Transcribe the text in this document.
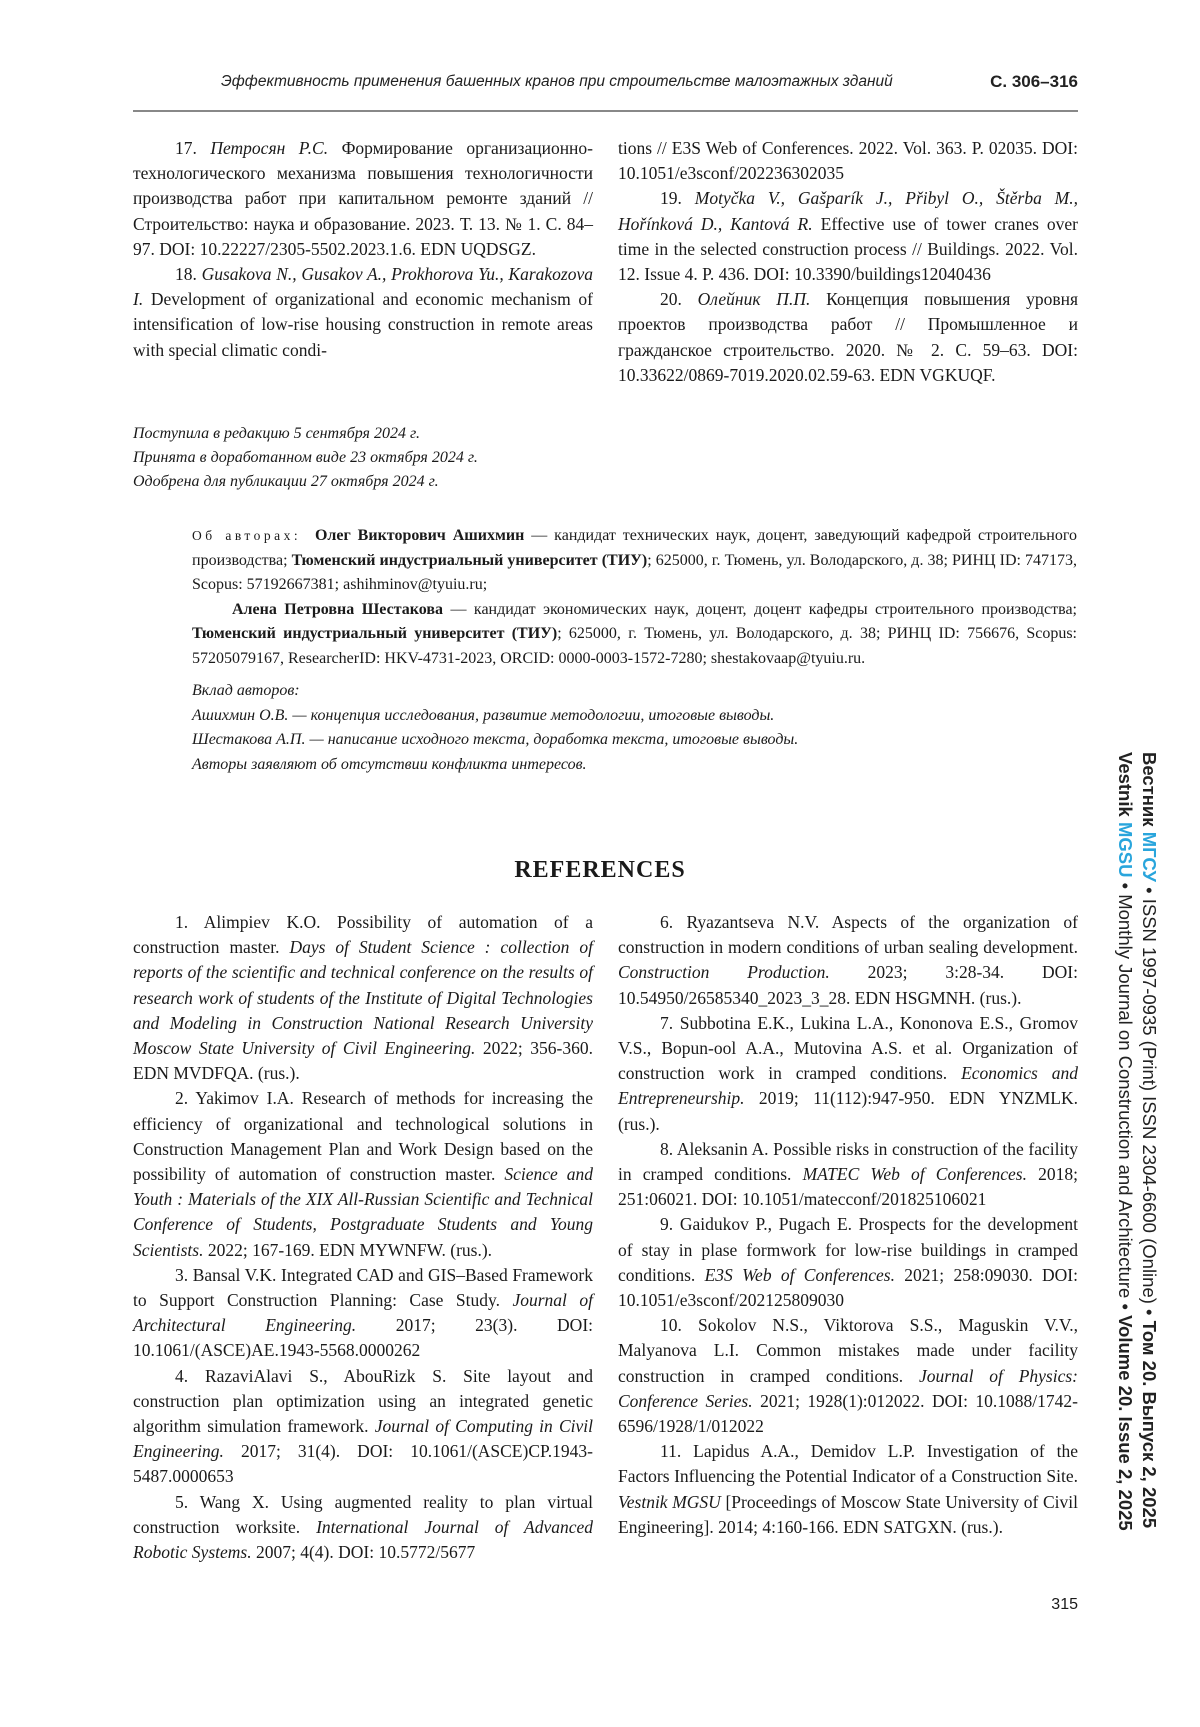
Эффективность применения башенных кранов при строительстве малоэтажных зданий	С. 306–316

17. Петросян Р.С. Формирование организационно-технологического механизма повышения технологичности производства работ при капитальном ремонте зданий // Строительство: наука и образование. 2023. Т. 13. № 1. С. 84–97. DOI: 10.22227/2305-5502.2023.1.6. EDN UQDSGZ.

18. Gusakova N., Gusakov A., Prokhorova Yu., Karakozova I. Development of organizational and economic mechanism of intensification of low-rise housing construction in remote areas with special climatic condi-

tions // E3S Web of Conferences. 2022. Vol. 363. P. 02035. DOI: 10.1051/e3sconf/202236302035

19. Motyčka V., Gašparík J., Přibyl O., Štěrba M., Hořínková D., Kantová R. Effective use of tower cranes over time in the selected construction process // Buildings. 2022. Vol. 12. Issue 4. P. 436. DOI: 10.3390/buildings12040436

20. Олейник П.П. Концепция повышения уровня проектов производства работ // Промышленное и гражданское строительство. 2020. № 2. С. 59–63. DOI: 10.33622/0869-7019.2020.02.59-63. EDN VGKUQF.

Поступила в редакцию 5 сентября 2024 г.
Принята в доработанном виде 23 октября 2024 г.
Одобрена для публикации 27 октября 2024 г.

Об авторах: Олег Викторович Ашихмин — кандидат технических наук, доцент, заведующий кафедрой строительного производства; Тюменский индустриальный университет (ТИУ); 625000, г. Тюмень, ул. Володарского, д. 38; РИНЦ ID: 747173, Scopus: 57192667381; ashihminov@tyuiu.ru;

Алена Петровна Шестакова — кандидат экономических наук, доцент, доцент кафедры строительного производства; Тюменский индустриальный университет (ТИУ); 625000, г. Тюмень, ул. Володарского, д. 38; РИНЦ ID: 756676, Scopus: 57205079167, ResearcherID: HKV-4731-2023, ORCID: 0000-0003-1572-7280; shestakovaap@tyuiu.ru.

Вклад авторов:
Ашихмин О.В. — концепция исследования, развитие методологии, итоговые выводы.
Шестакова А.П. — написание исходного текста, доработка текста, итоговые выводы.
Авторы заявляют об отсутствии конфликта интересов.
REFERENCES

1. Alimpiev K.O. Possibility of automation of a construction master. Days of Student Science : collection of reports of the scientific and technical conference on the results of research work of students of the Institute of Digital Technologies and Modeling in Construction National Research University Moscow State University of Civil Engineering. 2022; 356-360. EDN MVDFQA. (rus.).

2. Yakimov I.A. Research of methods for increasing the efficiency of organizational and technological solutions in Construction Management Plan and Work Design based on the possibility of automation of construction master. Science and Youth : Materials of the XIX All-Russian Scientific and Technical Conference of Students, Postgraduate Students and Young Scientists. 2022; 167-169. EDN MYWNFW. (rus.).

3. Bansal V.K. Integrated CAD and GIS–Based Framework to Support Construction Planning: Case Study. Journal of Architectural Engineering. 2017; 23(3). DOI: 10.1061/(ASCE)AE.1943-5568.0000262

4. RazaviAlavi S., AbouRizk S. Site layout and construction plan optimization using an integrated genetic algorithm simulation framework. Journal of Computing in Civil Engineering. 2017; 31(4). DOI: 10.1061/(ASCE)CP.1943-5487.0000653

5. Wang X. Using augmented reality to plan virtual construction worksite. International Journal of Advanced Robotic Systems. 2007; 4(4). DOI: 10.5772/5677

6. Ryazantseva N.V. Aspects of the organization of construction in modern conditions of urban sealing development. Construction Production. 2023; 3:28-34. DOI: 10.54950/26585340_2023_3_28. EDN HSGMNH. (rus.).

7. Subbotina E.K., Lukina L.A., Kononova E.S., Gromov V.S., Bopun-ool A.A., Mutovina A.S. et al. Organization of construction work in cramped conditions. Economics and Entrepreneurship. 2019; 11(112):947-950. EDN YNZMLK. (rus.).

8. Aleksanin A. Possible risks in construction of the facility in cramped conditions. MATEC Web of Conferences. 2018; 251:06021. DOI: 10.1051/matecconf/201825106021

9. Gaidukov P., Pugach E. Prospects for the development of stay in plase formwork for low-rise buildings in cramped conditions. E3S Web of Conferences. 2021; 258:09030. DOI: 10.1051/e3sconf/202125809030

10. Sokolov N.S., Viktorova S.S., Maguskin V.V., Malyanova L.I. Common mistakes made under facility construction in cramped conditions. Journal of Physics: Conference Series. 2021; 1928(1):012022. DOI: 10.1088/1742-6596/1928/1/012022

11. Lapidus A.A., Demidov L.P. Investigation of the Factors Influencing the Potential Indicator of a Construction Site. Vestnik MGSU [Proceedings of Moscow State University of Civil Engineering]. 2014; 4:160-166. EDN SATGXN. (rus.).

315
Вестник МГСУ • ISSN 1997-0935 (Print) ISSN 2304-6600 (Online) • Том 20. Выпуск 2, 2025
Vestnik MGSU • Monthly Journal on Construction and Architecture • Volume 20. Issue 2, 2025
